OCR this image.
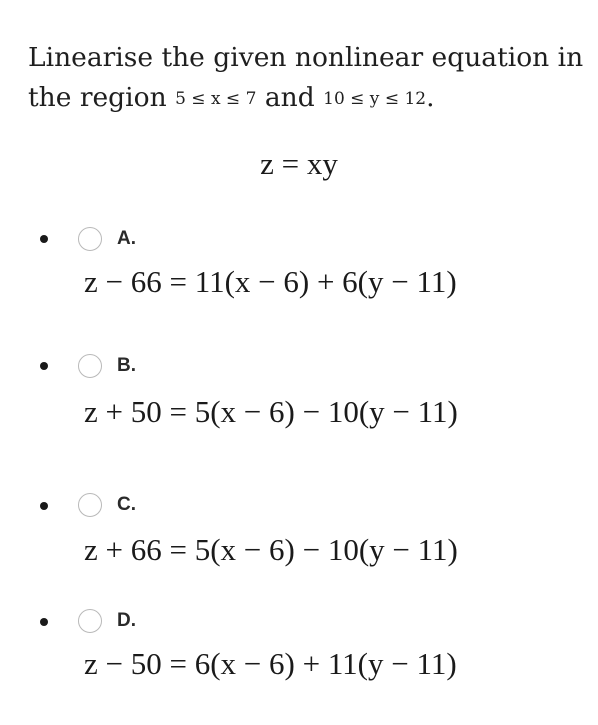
Linearise the given nonlinear equation in
the region 5 ≤ x ≤ 7 and 10 ≤ y ≤ 12.
z = xy
A.
z − 66 = 11(x − 6) + 6(y − 11)
B.
z + 50 = 5(x − 6) − 10(y − 11)
C.
z + 66 = 5(x − 6) − 10(y − 11)
D.
z − 50 = 6(x − 6) + 11(y − 11)
